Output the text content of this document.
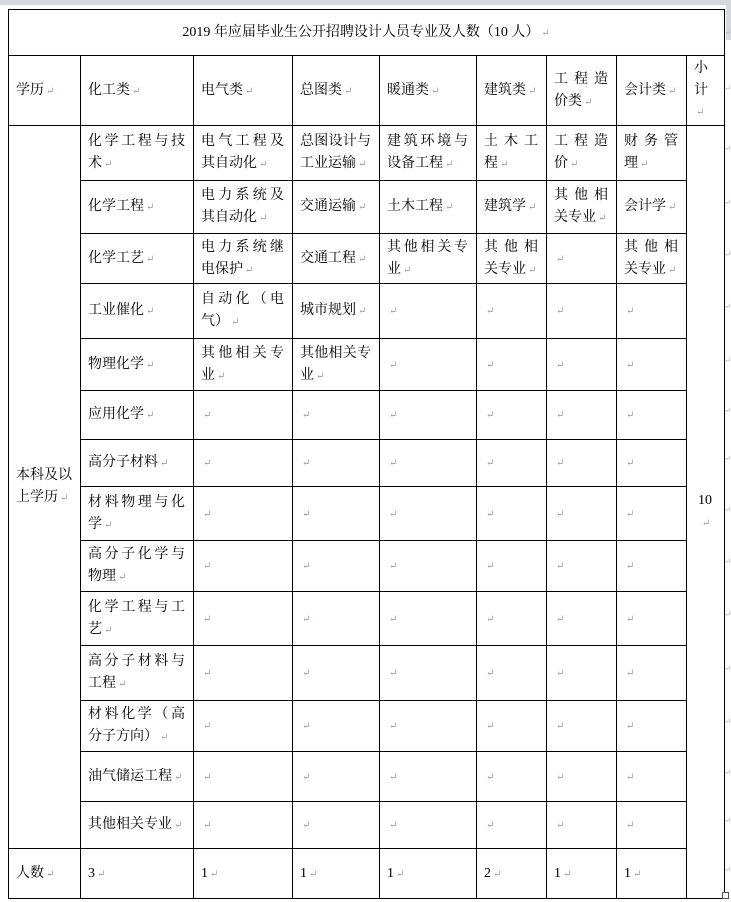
2019 年应届毕业生公开招聘设计人员专业及人数（10 人） ↵
学历 ↵	化工类 ↵	电气类 ↵	总图类 ↵	暖通类 ↵	建筑类 ↵	工程造价类 ↵	会计类 ↵	小计 ↵
本科及以上学历 ↵	化学工程与技术 ↵	电气工程及其自动化 ↵	总图设计与工业运输 ↵	建筑环境与设备工程 ↵	土木工程 ↵	工程造价 ↵	财务管理 ↵	10 ↵
	化学工程 ↵	电力系统及其自动化 ↵	交通运输 ↵	土木工程 ↵	建筑学 ↵	其他相关专业 ↵	会计学 ↵
	化学工艺 ↵	电力系统继电保护 ↵	交通工程 ↵	其他相关专业 ↵	其他相关专业 ↵	↵	其他相关专业 ↵
	工业催化 ↵	自动化（电气） ↵	城市规划 ↵	↵	↵	↵	↵
	物理化学 ↵	其他相关专业 ↵	其他相关专业 ↵	↵	↵	↵	↵
	应用化学 ↵	↵	↵	↵	↵	↵	↵
	高分子材料 ↵	↵	↵	↵	↵	↵	↵
	材料物理与化学 ↵	↵	↵	↵	↵	↵	↵
	高分子化学与物理 ↵	↵	↵	↵	↵	↵	↵
	化学工程与工艺 ↵	↵	↵	↵	↵	↵	↵
	高分子材料与工程 ↵	↵	↵	↵	↵	↵	↵
	材料化学（高分子方向） ↵	↵	↵	↵	↵	↵	↵
	油气储运工程 ↵	↵	↵	↵	↵	↵	↵
	其他相关专业 ↵	↵	↵	↵	↵	↵	↵
人数 ↵	3 ↵	1 ↵	1 ↵	1 ↵	2 ↵	1 ↵	1 ↵
↵
↵
↵
↵
↵
↵
↵
↵
↵
↵
↵
↵
↵
↵
↵
↵
↵
